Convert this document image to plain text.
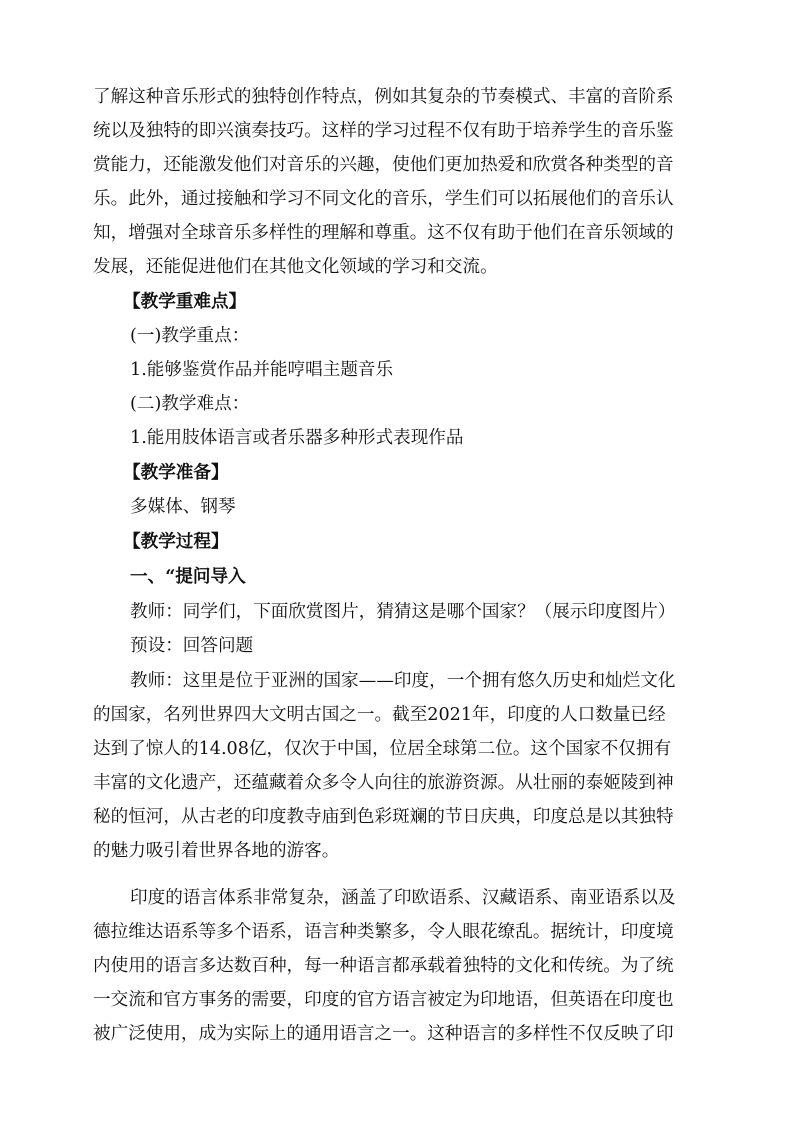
了解这种音乐形式的独特创作特点，例如其复杂的节奏模式、丰富的音阶系
统以及独特的即兴演奏技巧。这样的学习过程不仅有助于培养学生的音乐鉴
赏能力，还能激发他们对音乐的兴趣，使他们更加热爱和欣赏各种类型的音
乐。此外，通过接触和学习不同文化的音乐，学生们可以拓展他们的音乐认
知，增强对全球音乐多样性的理解和尊重。这不仅有助于他们在音乐领域的
发展，还能促进他们在其他文化领域的学习和交流。
【教学重难点】
(一)教学重点：
1.能够鉴赏作品并能哼唱主题音乐
(二)教学难点：
1.能用肢体语言或者乐器多种形式表现作品
【教学准备】
多媒体、钢琴
【教学过程】
一、“提问导入
教师：同学们，下面欣赏图片，猜猜这是哪个国家？（展示印度图片）
预设：回答问题
教师：这里是位于亚洲的国家——印度，一个拥有悠久历史和灿烂文化
的国家，名列世界四大文明古国之一。截至2021年，印度的人口数量已经
达到了惊人的14.08亿，仅次于中国，位居全球第二位。这个国家不仅拥有
丰富的文化遗产，还蕴藏着众多令人向往的旅游资源。从壮丽的泰姬陵到神
秘的恒河，从古老的印度教寺庙到色彩斑斓的节日庆典，印度总是以其独特
的魅力吸引着世界各地的游客。
印度的语言体系非常复杂，涵盖了印欧语系、汉藏语系、南亚语系以及
德拉维达语系等多个语系，语言种类繁多，令人眼花缭乱。据统计，印度境
内使用的语言多达数百种，每一种语言都承载着独特的文化和传统。为了统
一交流和官方事务的需要，印度的官方语言被定为印地语，但英语在印度也
被广泛使用，成为实际上的通用语言之一。这种语言的多样性不仅反映了印
